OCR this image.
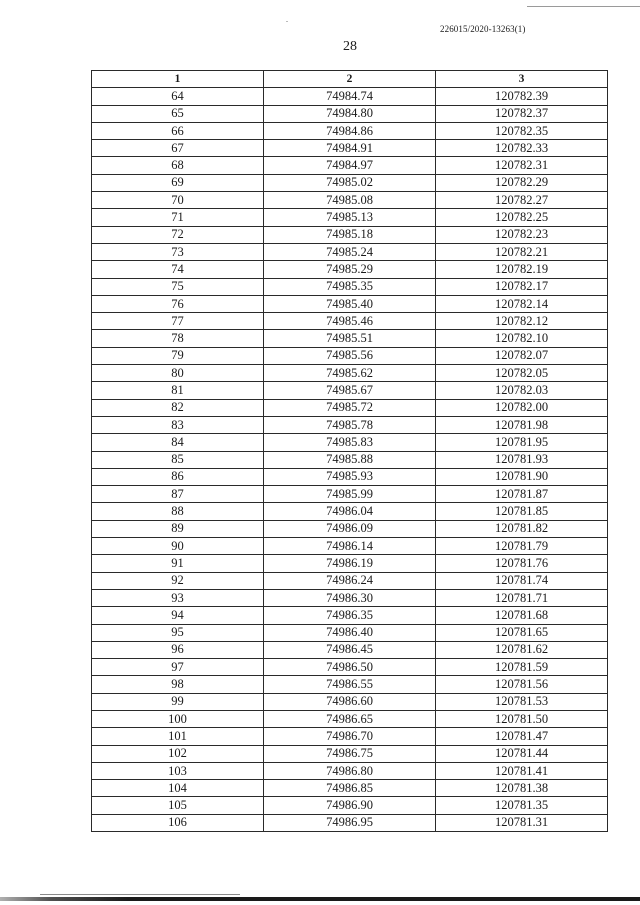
226015/2020-13263(1)
28
1	2	3
64	74984.74	120782.39
65	74984.80	120782.37
66	74984.86	120782.35
67	74984.91	120782.33
68	74984.97	120782.31
69	74985.02	120782.29
70	74985.08	120782.27
71	74985.13	120782.25
72	74985.18	120782.23
73	74985.24	120782.21
74	74985.29	120782.19
75	74985.35	120782.17
76	74985.40	120782.14
77	74985.46	120782.12
78	74985.51	120782.10
79	74985.56	120782.07
80	74985.62	120782.05
81	74985.67	120782.03
82	74985.72	120782.00
83	74985.78	120781.98
84	74985.83	120781.95
85	74985.88	120781.93
86	74985.93	120781.90
87	74985.99	120781.87
88	74986.04	120781.85
89	74986.09	120781.82
90	74986.14	120781.79
91	74986.19	120781.76
92	74986.24	120781.74
93	74986.30	120781.71
94	74986.35	120781.68
95	74986.40	120781.65
96	74986.45	120781.62
97	74986.50	120781.59
98	74986.55	120781.56
99	74986.60	120781.53
100	74986.65	120781.50
101	74986.70	120781.47
102	74986.75	120781.44
103	74986.80	120781.41
104	74986.85	120781.38
105	74986.90	120781.35
106	74986.95	120781.31
